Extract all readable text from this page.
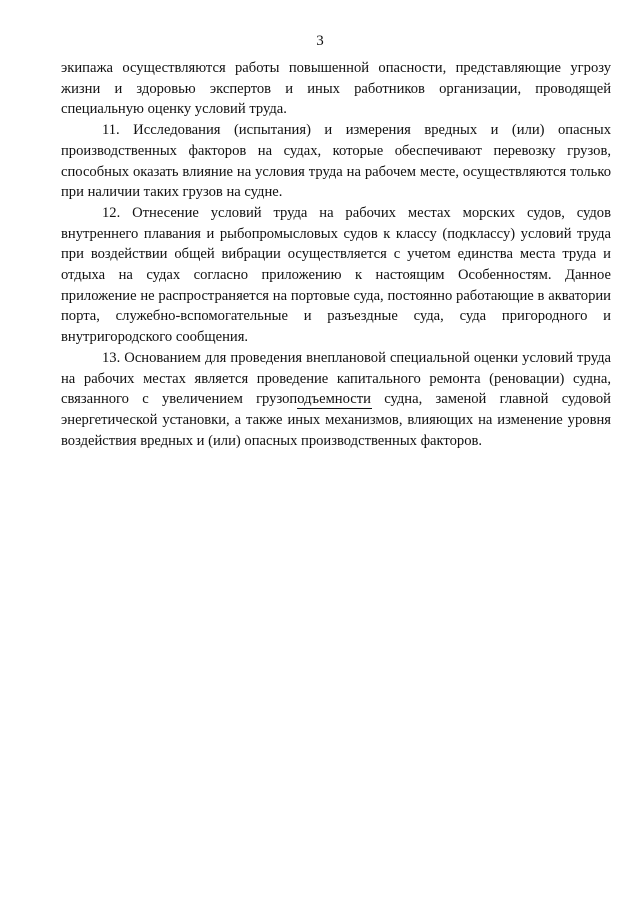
3

экипажа осуществляются работы повышенной опасности, представляющие угрозу жизни и здоровью экспертов и иных работников организации, проводящей специальную оценку условий труда.

11. Исследования (испытания) и измерения вредных и (или) опасных производственных факторов на судах, которые обеспечивают перевозку грузов, способных оказать влияние на условия труда на рабочем месте, осуществляются только при наличии таких грузов на судне.

12. Отнесение условий труда на рабочих местах морских судов, судов внутреннего плавания и рыбопромысловых судов к классу (подклассу) условий труда при воздействии общей вибрации осуществляется с учетом единства места труда и отдыха на судах согласно приложению к настоящим Особенностям. Данное приложение не распространяется на портовые суда, постоянно работающие в акватории порта, служебно-вспомогательные и разъездные суда, суда пригородного и внутригородского сообщения.

13. Основанием для проведения внеплановой специальной оценки условий труда на рабочих местах является проведение капитального ремонта (реновации) судна, связанного с увеличением грузоподъемности судна, заменой главной судовой энергетической установки, а также иных механизмов, влияющих на изменение уровня воздействия вредных и (или) опасных производственных факторов.
